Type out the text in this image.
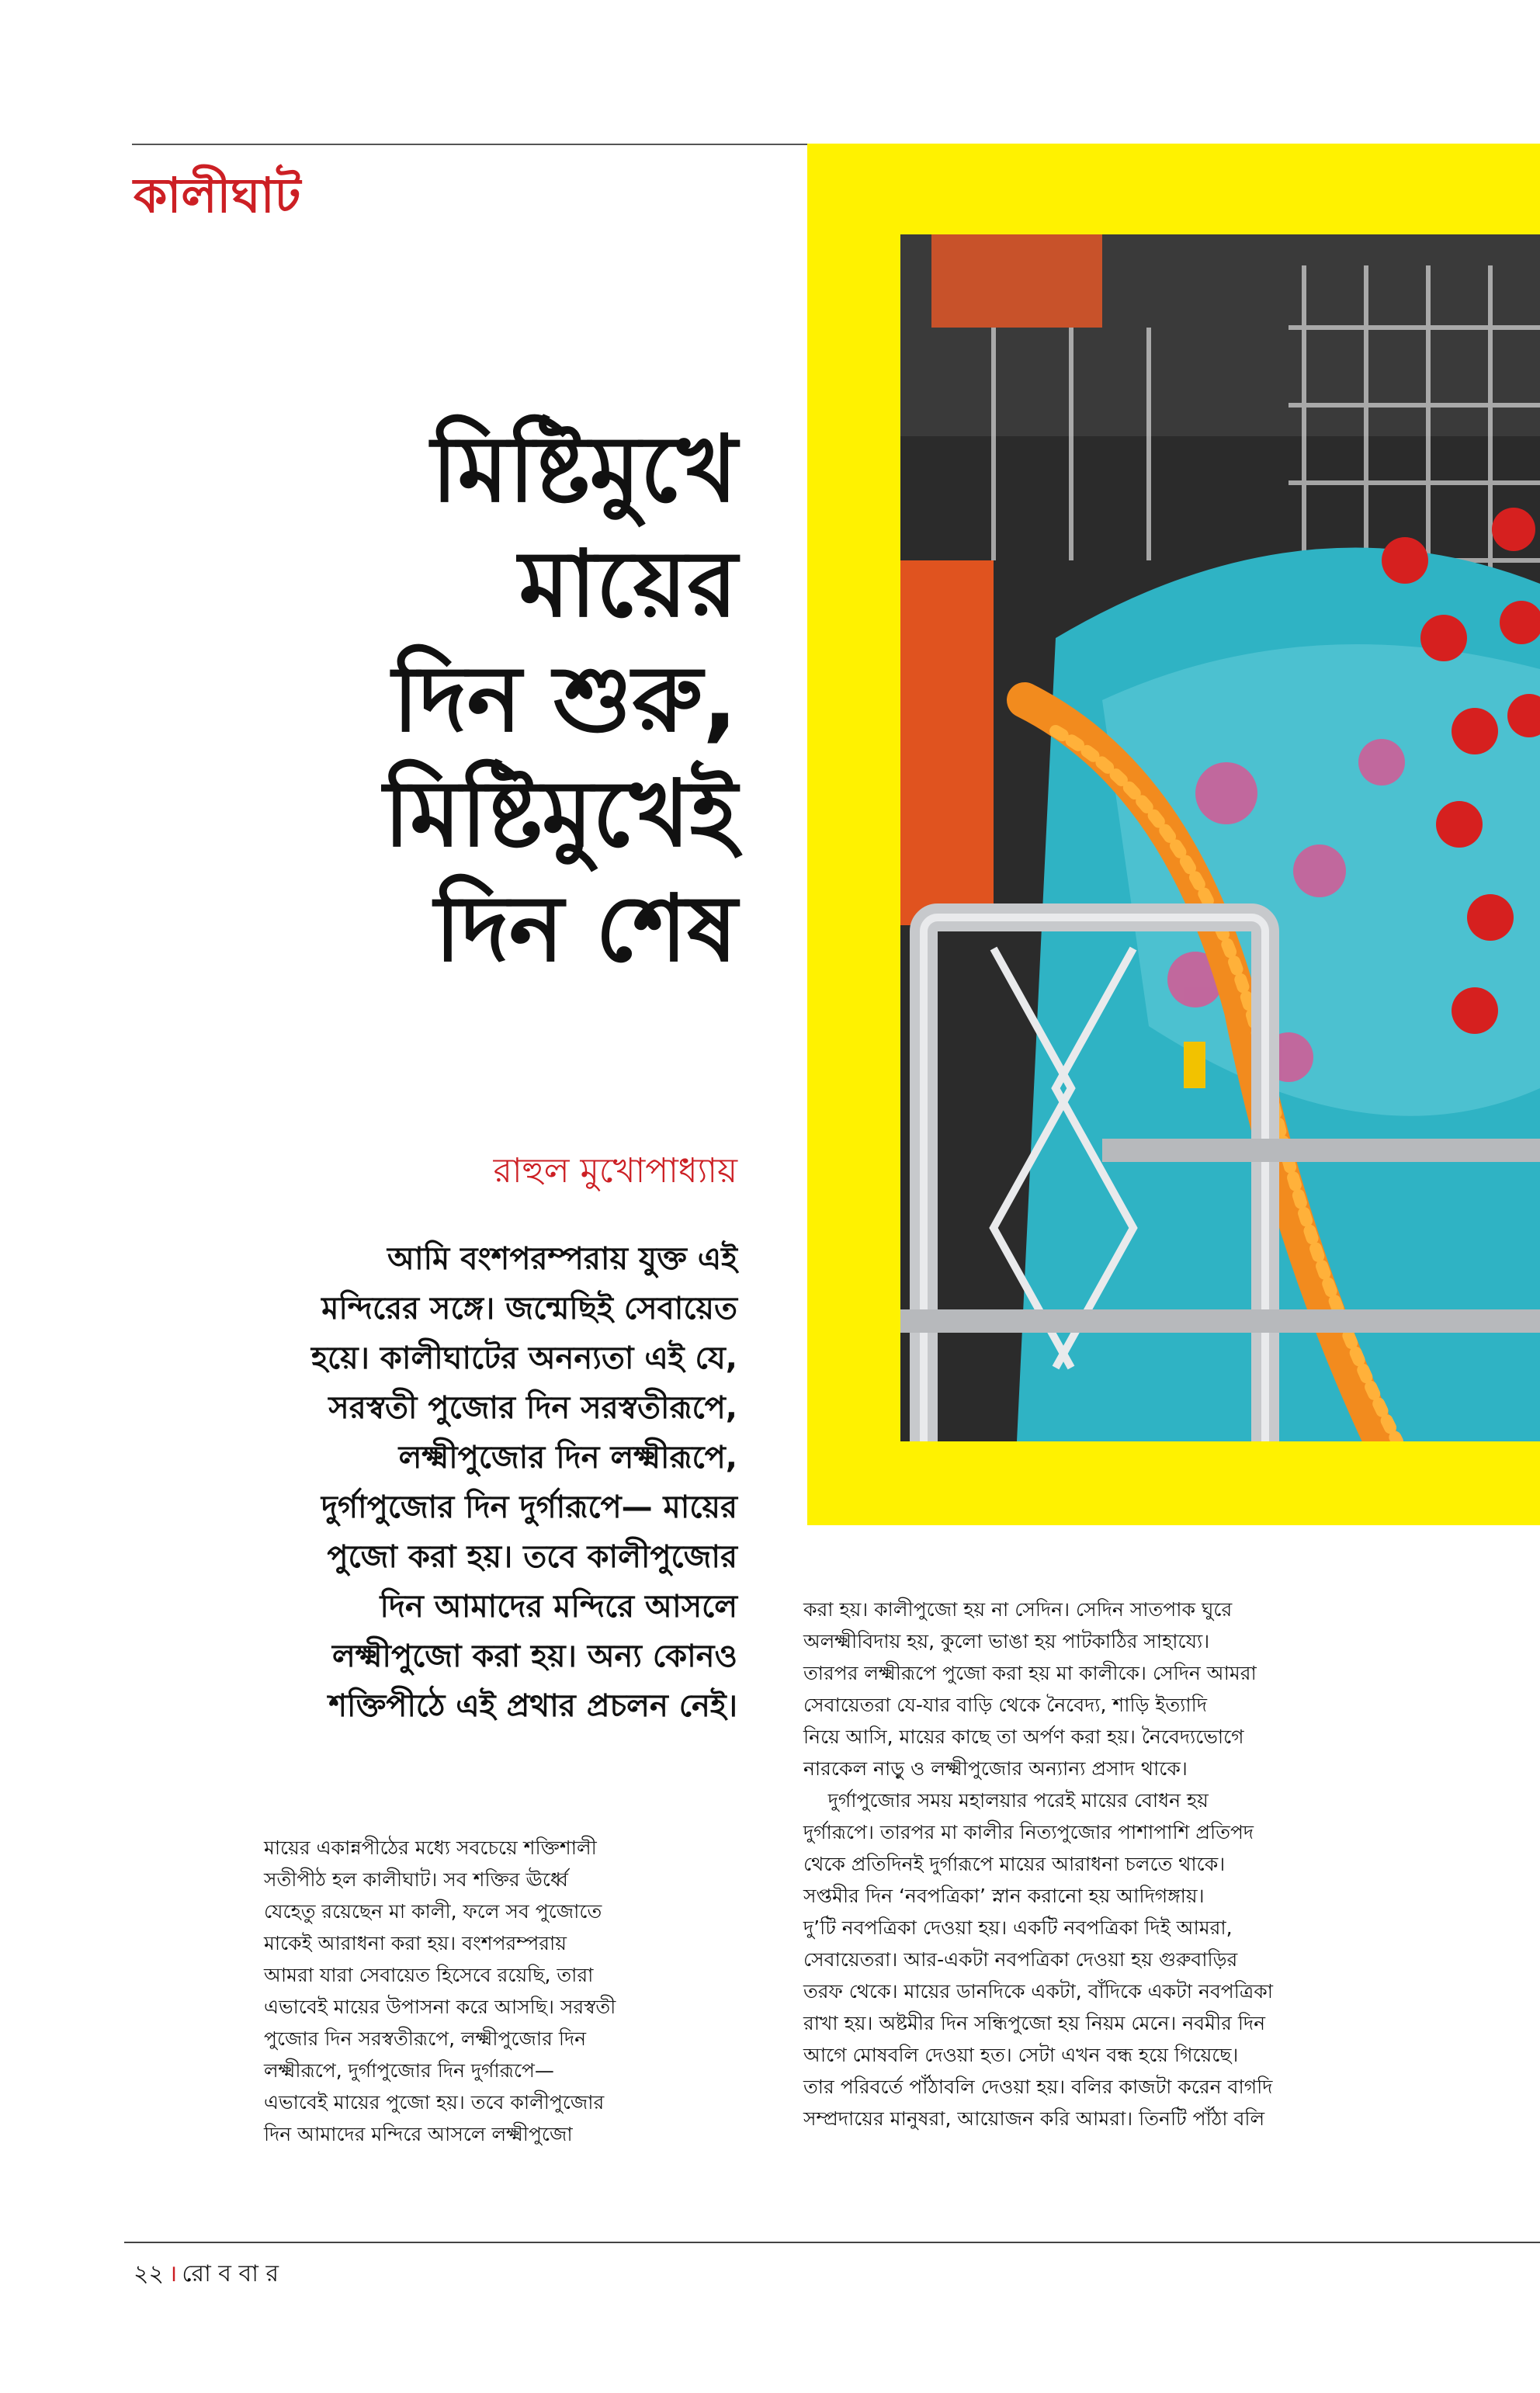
কালীঘাট
মিষ্টিমুখে
মায়ের
দিন শুরু,
মিষ্টিমুখেই
দিন শেষ
রাহুল মুখোপাধ্যায়
আমি বংশপরম্পরায় যুক্ত এই
মন্দিরের সঙ্গে। জন্মেছিই সেবায়েত
হয়ে। কালীঘাটের অনন্যতা এই যে,
সরস্বতী পুজোর দিন সরস্বতীরূপে,
লক্ষ্মীপুজোর দিন লক্ষ্মীরূপে,
দুর্গাপুজোর দিন দুর্গারূপে— মায়ের
পুজো করা হয়। তবে কালীপুজোর
দিন আমাদের মন্দিরে আসলে
লক্ষ্মীপুজো করা হয়। অন্য কোনও
শক্তিপীঠে এই প্রথার প্রচলন নেই।
মায়ের একান্নপীঠের মধ্যে সবচেয়ে শক্তিশালী
সতীপীঠ হল কালীঘাট। সব শক্তির ঊর্ধ্বে
যেহেতু রয়েছেন মা কালী, ফলে সব পুজোতে
মাকেই আরাধনা করা হয়। বংশপরম্পরায়
আমরা যারা সেবায়েত হিসেবে রয়েছি, তারা
এভাবেই মায়ের উপাসনা করে আসছি। সরস্বতী
পুজোর দিন সরস্বতীরূপে, লক্ষ্মীপুজোর দিন
লক্ষ্মীরূপে, দুর্গাপুজোর দিন দুর্গারূপে—
এভাবেই মায়ের পুজো হয়। তবে কালীপুজোর
দিন আমাদের মন্দিরে আসলে লক্ষ্মীপুজো
করা হয়। কালীপুজো হয় না সেদিন। সেদিন সাতপাক ঘুরে
অলক্ষ্মীবিদায় হয়, কুলো ভাঙা হয় পাটকাঠির সাহায্যে।
তারপর লক্ষ্মীরূপে পুজো করা হয় মা কালীকে। সেদিন আমরা
সেবায়েতরা যে-যার বাড়ি থেকে নৈবেদ্য, শাড়ি ইত্যাদি
নিয়ে আসি, মায়ের কাছে তা অর্পণ করা হয়। নৈবেদ্যভোগে
নারকেল নাড়ু ও লক্ষ্মীপুজোর অন্যান্য প্রসাদ থাকে।
দুর্গাপুজোর সময় মহালয়ার পরেই মায়ের বোধন হয়
দুর্গারূপে। তারপর মা কালীর নিত্যপুজোর পাশাপাশি প্রতিপদ
থেকে প্রতিদিনই দুর্গারূপে মায়ের আরাধনা চলতে থাকে।
সপ্তমীর দিন ‘নবপত্রিকা’ স্নান করানো হয় আদিগঙ্গায়।
দু’টি নবপত্রিকা দেওয়া হয়। একটি নবপত্রিকা দিই আমরা,
সেবায়েতরা। আর-একটা নবপত্রিকা দেওয়া হয় গুরুবাড়ির
তরফ থেকে। মায়ের ডানদিকে একটা, বাঁদিকে একটা নবপত্রিকা
রাখা হয়। অষ্টমীর দিন সন্ধিপুজো হয় নিয়ম মেনে। নবমীর দিন
আগে মোষবলি দেওয়া হত। সেটা এখন বন্ধ হয়ে গিয়েছে।
তার পরিবর্তে পাঁঠাবলি দেওয়া হয়। বলির কাজটা করেন বাগদি
সম্প্রদায়ের মানুষরা, আয়োজন করি আমরা। তিনটি পাঁঠা বলি
২২ । রো ব বা র
